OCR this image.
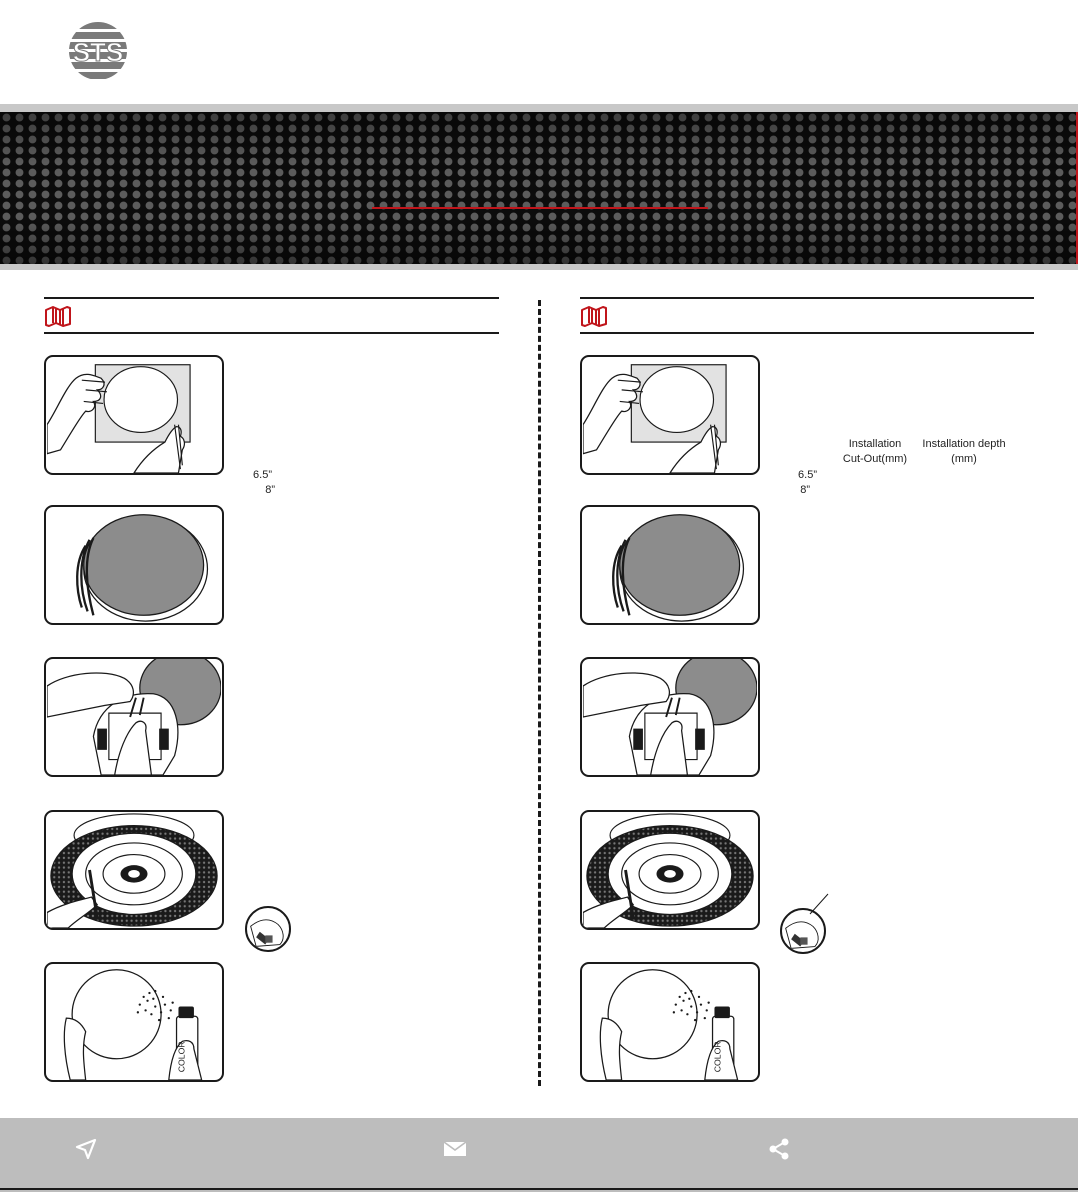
STS
6.5”
8”
Installation
Cut-Out(mm)
Installation depth
(mm)
6.5”
8”
